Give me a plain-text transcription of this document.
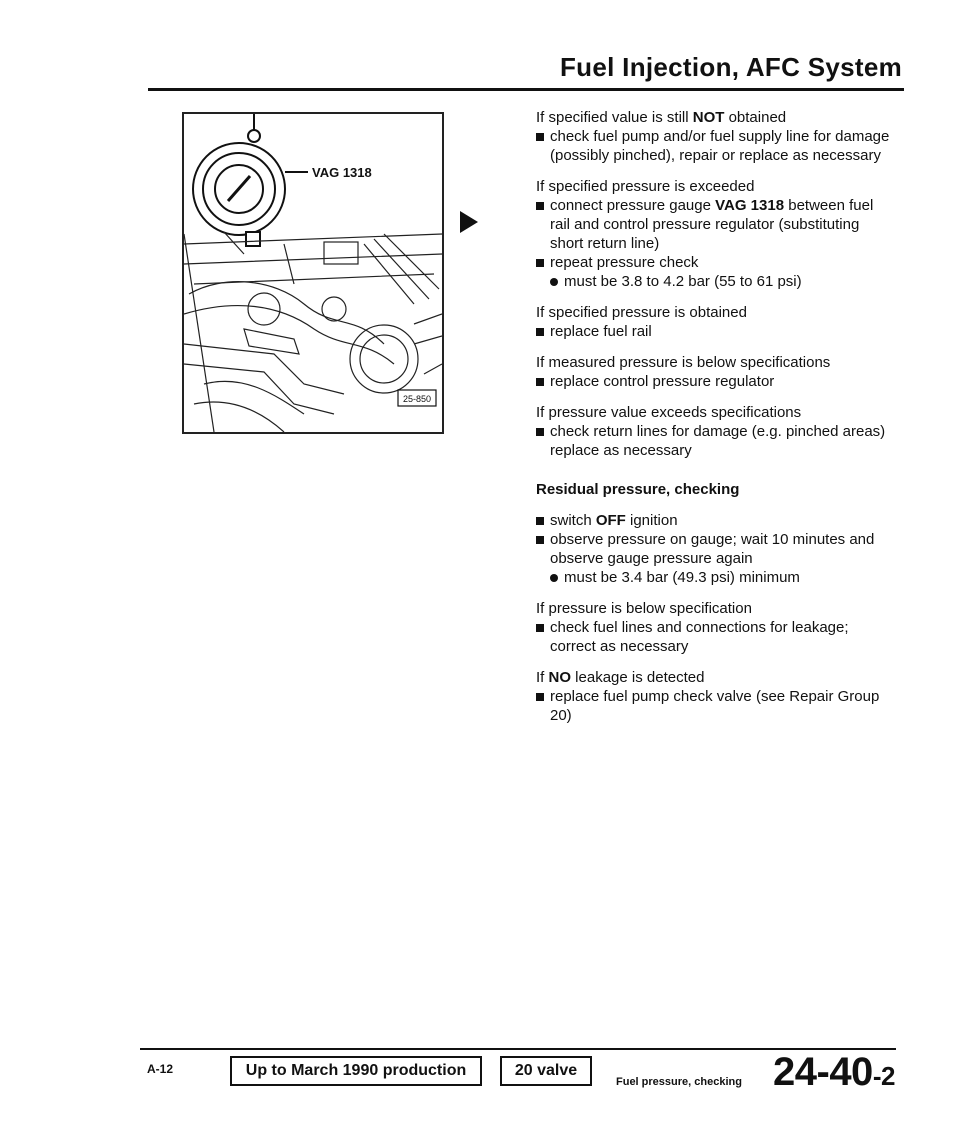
Fuel Injection, AFC System
VAG 1318
25-850

If specified value is still NOT obtained

check fuel pump and/or fuel supply line for damage (possibly pinched), repair or replace as necessary

If specified pressure is exceeded

connect pressure gauge VAG 1318 between fuel rail and control pressure regulator (substituting short return line)

repeat pressure check

must be 3.8 to 4.2 bar (55 to 61 psi)

If specified pressure is obtained

replace fuel rail

If measured pressure is below specifications

replace control pressure regulator

If pressure value exceeds specifications

check return lines for damage (e.g. pinched areas) replace as necessary

Residual pressure, checking

switch OFF ignition

observe pressure on gauge; wait 10 minutes and observe gauge pressure again

must be 3.4 bar (49.3 psi) minimum

If pressure is below specification

check fuel lines and connections for leakage; correct as necessary

If NO leakage is detected

replace fuel pump check valve (see Repair Group 20)

A-12	Up to March 1990 production	20 valve
Fuel pressure, checking 24-40-2
